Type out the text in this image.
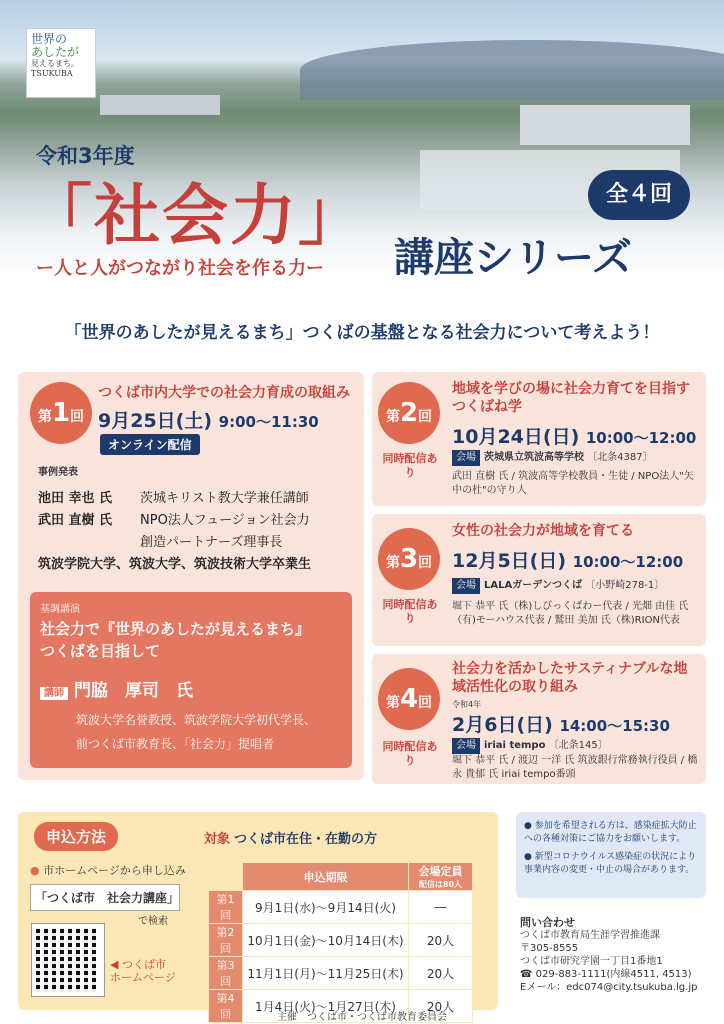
世界の
あしたが
見えるまち。
TSUKUBA
令和3年度
「社会力」
ー人と人がつながり社会を作る力ー 講座シリーズ
全４回
「世界のあしたが見えるまち」つくばの基盤となる社会力について考えよう！
第1回
つくば市内大学での社会力育成の取組み
9月25日(土) 9:00～11:30
オンライン配信
事例発表
池田 幸也 氏 茨城キリスト教大学兼任講師
武田 直樹 氏 NPO法人フュージョン社会力
創造パートナーズ理事長
筑波学院大学、筑波大学、筑波技術大学卒業生
基調講演
社会力で『世界のあしたが見えるまち』
つくばを目指して
講師 門脇　厚司　氏
筑波大学名誉教授、筑波学院大学初代学長、
前つくば市教育長、「社会力」提唱者
第2回
地域を学びの場に社会力育てを目指すつくばね学
10月24日(日) 10:00～12:00
会場 茨城県立筑波高等学校 〔北条4387〕
武田 直樹 氏 / 筑波高等学校教員・生徒 / NPO法人"矢中の杜"の守り人
同時配信あり
第3回
女性の社会力が地域を育てる
12月5日(日) 10:00～12:00
会場 LALAガーデンつくば 〔小野崎278-1〕
堀下 恭平 氏（株)しびっくぱわー代表 / 光畑 由佳 氏（有)モーハウス代表 / 鷲田 美加 氏（株)RION代表
同時配信あり
第4回
社会力を活かしたサスティナブルな地域活性化の取り組み
令和4年
2月6日(日) 14:00～15:30
会場 iriai tempo 〔北条145〕
堀下 恭平 氏 / 渡辺 一洋 氏 筑波銀行常務執行役員 / 橋永 貴郁 氏 iriai tempo番頭
同時配信あり
申込方法	対象 つくば市在住・在勤の方
● 市ホームページから申し込み
「つくば市　社会力講座」
で検索
◀ つくば市
ホームページ
	申込期限	会場定員
配信は80人

第1回	9月1日(水)～9月14日(火)	―
第2回	10月1日(金)～10月14日(木)	20人
第3回	11月1日(月)～11月25日(木)	20人
第4回	1月4日(火)～1月27日(木)	20人

● 参加を希望される方は、感染症拡大防止への各種対策にご協力をお願いします。

● 新型コロナウイルス感染症の状況により事業内容の変更・中止の場合があります。

問い合わせ
つくば市教育局生涯学習推進課
〒305-8555
つくば市研究学園一丁目1番地1
☎ 029-883-1111(内線4511, 4513)
Eメール：edc074@city.tsukuba.lg.jp
主催　つくば市・つくば市教育委員会
